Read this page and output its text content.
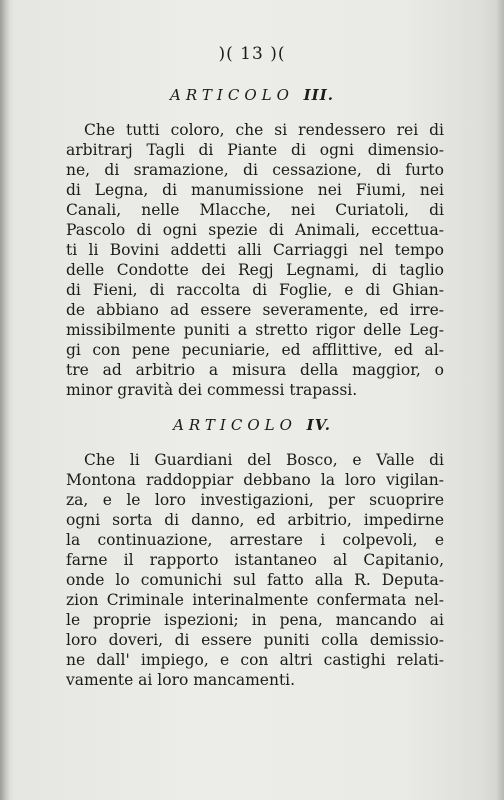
)( 13 )(
ARTICOLO III.
Che tutti coloro, che si rendessero rei di
arbitrarj Tagli di Piante di ogni dimensio-
ne, di sramazione, di cessazione, di furto
di Legna, di manumissione nei Fiumi, nei
Canali, nelle Mlacche, nei Curiatoli, di
Pascolo di ogni spezie di Animali, eccettua-
ti li Bovini addetti alli Carriaggi nel tempo
delle Condotte dei Regj Legnami, di taglio
di Fieni, di raccolta di Foglie, e di Ghian-
de abbiano ad essere severamente, ed irre-
missibilmente puniti a stretto rigor delle Leg-
gi con pene pecuniarie, ed afflittive, ed al-
tre ad arbitrio a misura della maggior, o
minor gravità dei commessi trapassi.
ARTICOLO IV.
Che li Guardiani del Bosco, e Valle di
Montona raddoppiar debbano la loro vigilan-
za, e le loro investigazioni, per scuoprire
ogni sorta di danno, ed arbitrio, impedirne
la continuazione, arrestare i colpevoli, e
farne il rapporto istantaneo al Capitanio,
onde lo comunichi sul fatto alla R. Deputa-
zion Criminale interinalmente confermata nel-
le proprie ispezioni; in pena, mancando ai
loro doveri, di essere puniti colla demissio-
ne dall' impiego, e con altri castighi relati-
vamente ai loro mancamenti.
